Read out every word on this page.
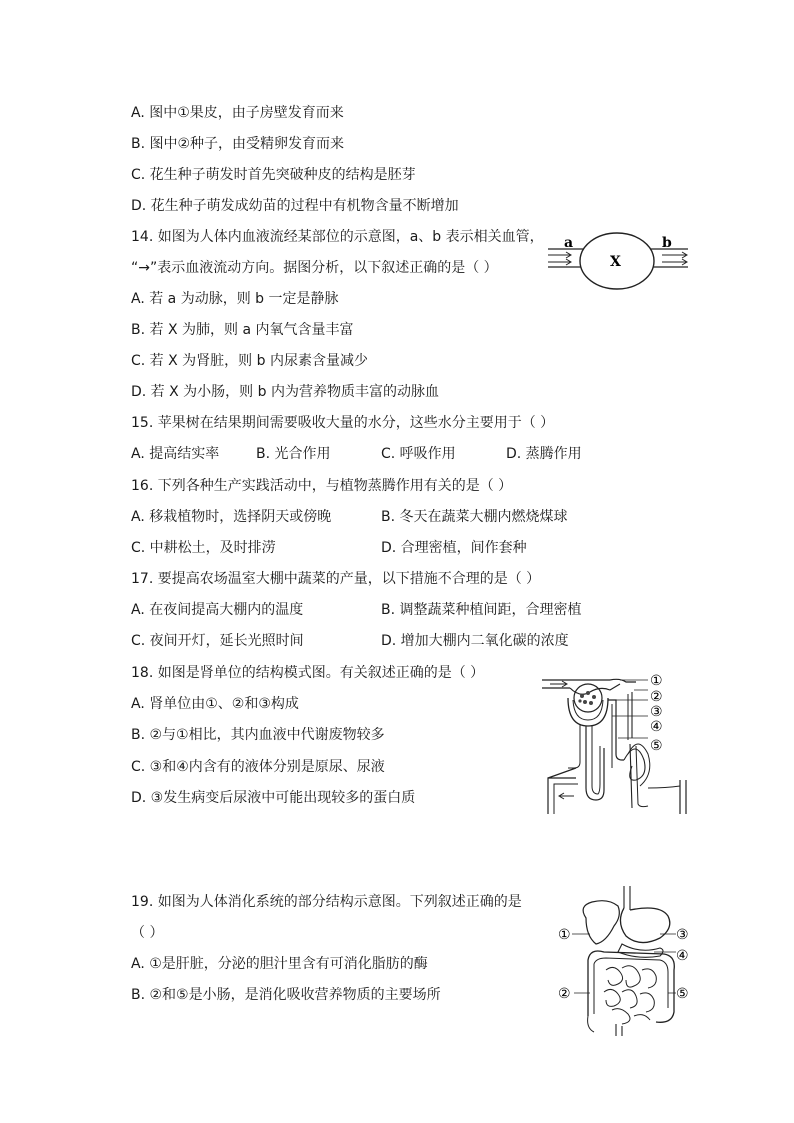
A. 图中①果皮，由子房壁发育而来
B. 图中②种子，由受精卵发育而来
C. 花生种子萌发时首先突破种皮的结构是胚芽
D. 花生种子萌发成幼苗的过程中有机物含量不断增加
14. 如图为人体内血液流经某部位的示意图，a、b 表示相关血管，
“→”表示血液流动方向。据图分析，以下叙述正确的是（ ）
A. 若 a 为动脉，则 b 一定是静脉
B. 若 X 为肺，则 a 内氧气含量丰富
C. 若 X 为肾脏，则 b 内尿素含量减少
D. 若 X 为小肠，则 b 内为营养物质丰富的动脉血
a
X
b
15. 苹果树在结果期间需要吸收大量的水分，这些水分主要用于（ ）
A. 提高结实率	B. 光合作用	C. 呼吸作用	D. 蒸腾作用
16. 下列各种生产实践活动中，与植物蒸腾作用有关的是（ ）
A. 移栽植物时，选择阴天或傍晚	B. 冬天在蔬菜大棚内燃烧煤球
C. 中耕松土，及时排涝	D. 合理密植，间作套种
17. 要提高农场温室大棚中蔬菜的产量，以下措施不合理的是（ ）
A. 在夜间提高大棚内的温度	B. 调整蔬菜种植间距，合理密植
C. 夜间开灯，延长光照时间	D. 增加大棚内二氧化碳的浓度
18. 如图是肾单位的结构模式图。有关叙述正确的是（ ）
A. 肾单位由①、②和③构成
B. ②与①相比，其内血液中代谢废物较多
C. ③和④内含有的液体分别是原尿、尿液
D. ③发生病变后尿液中可能出现较多的蛋白质
①
②
③
④
⑤
19. 如图为人体消化系统的部分结构示意图。下列叙述正确的是
（ ）
A. ①是肝脏，分泌的胆汁里含有可消化脂肪的酶
B. ②和⑤是小肠，是消化吸收营养物质的主要场所
①
②
③
④
⑤
